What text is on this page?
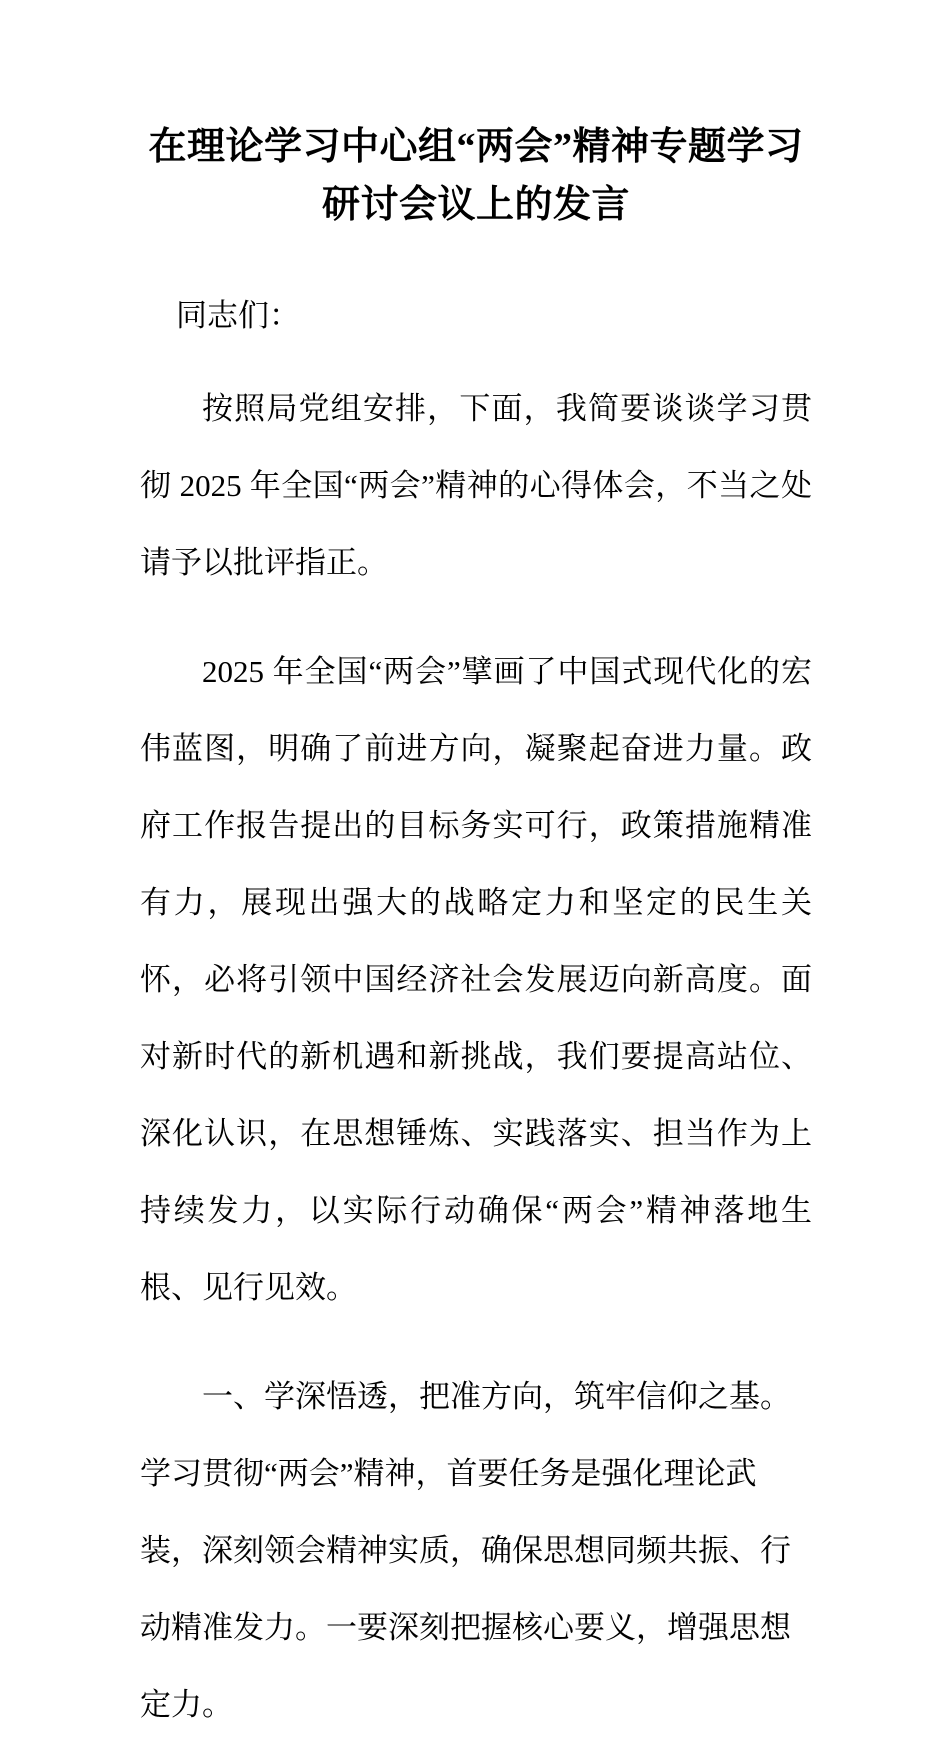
在理论学习中心组“两会”精神专题学习
研讨会议上的发言

同志们：

按照局党组安排，下面，我简要谈谈学习贯彻 2025 年全国“两会”精神的心得体会，不当之处请予以批评指正。

2025 年全国“两会”擘画了中国式现代化的宏伟蓝图，明确了前进方向，凝聚起奋进力量。政府工作报告提出的目标务实可行，政策措施精准有力，展现出强大的战略定力和坚定的民生关怀，必将引领中国经济社会发展迈向新高度。面对新时代的新机遇和新挑战，我们要提高站位、深化认识，在思想锤炼、实践落实、担当作为上持续发力，以实际行动确保“两会”精神落地生根、见行见效。

一、学深悟透，把准方向，筑牢信仰之基。学习贯彻“两会”精神，首要任务是强化理论武装，深刻领会精神实质，确保思想同频共振、行动精准发力。一要深刻把握核心要义，增强思想定力。
